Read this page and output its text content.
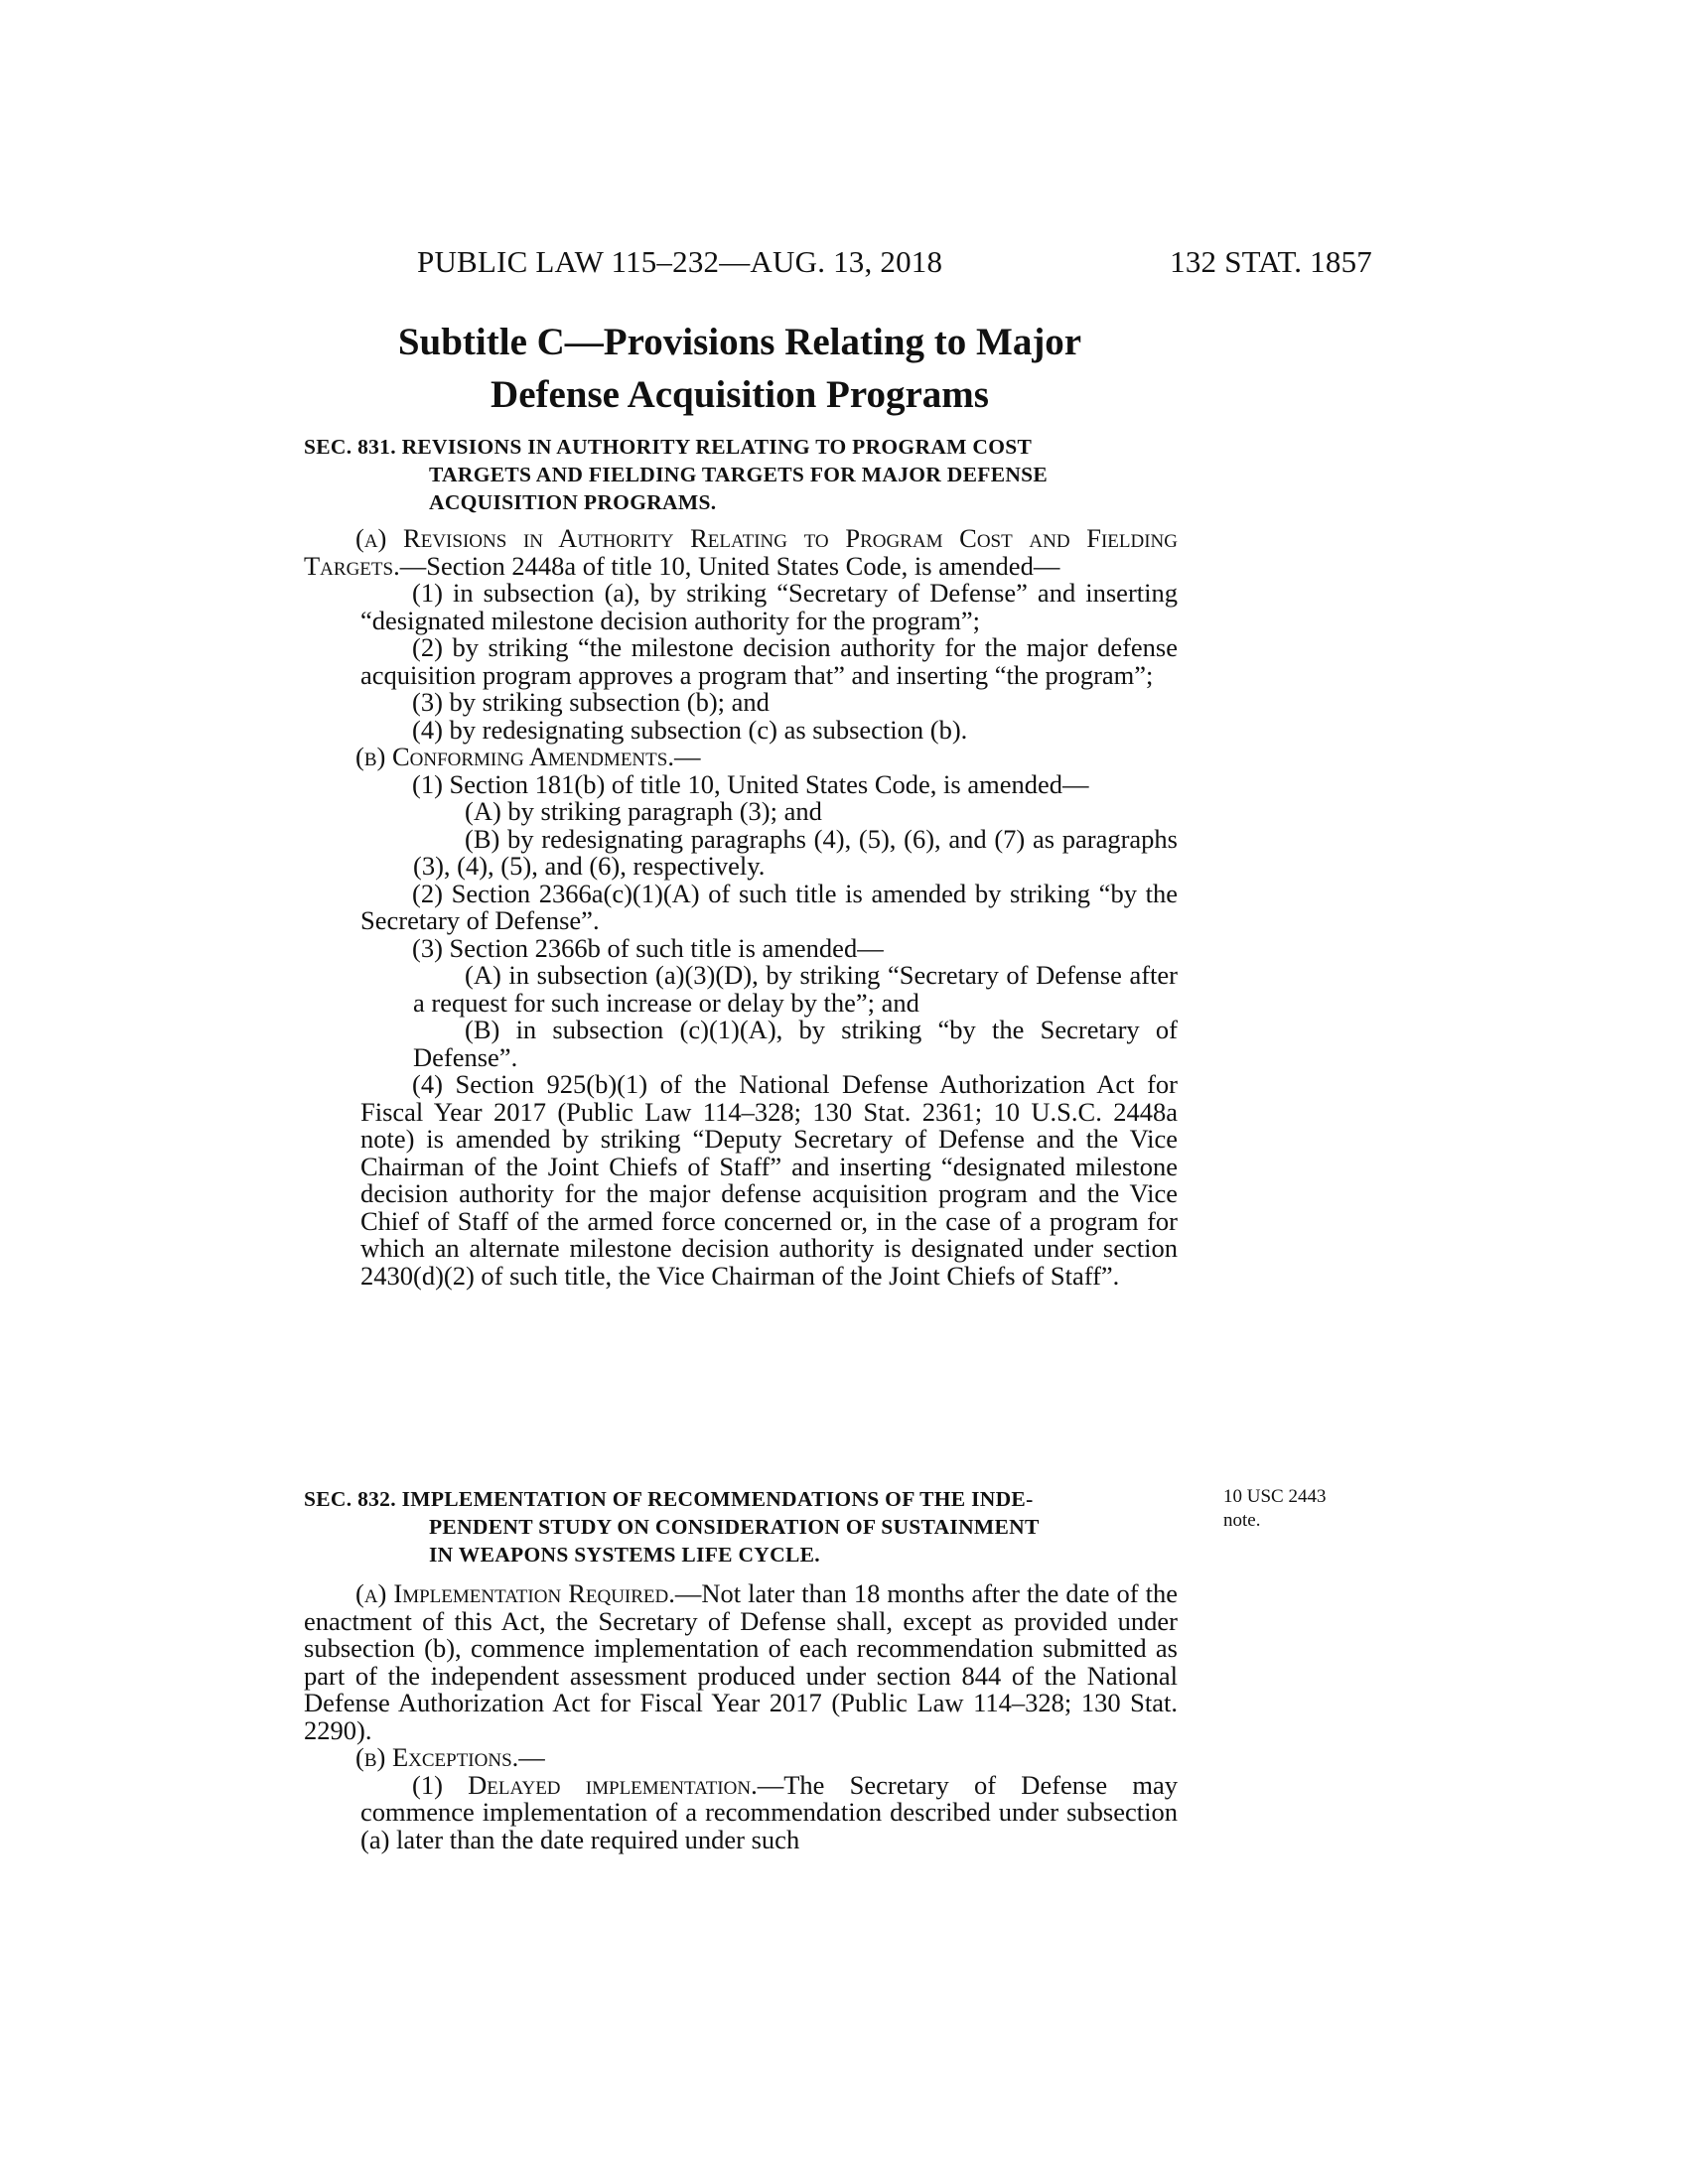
PUBLIC LAW 115–232—AUG. 13, 2018	132 STAT. 1857
Subtitle C—Provisions Relating to Major
Defense Acquisition Programs
SEC. 831. REVISIONS IN AUTHORITY RELATING TO PROGRAM COST
TARGETS AND FIELDING TARGETS FOR MAJOR DEFENSE
ACQUISITION PROGRAMS.

(a) Revisions in Authority Relating to Program Cost and Fielding Targets.—Section 2448a of title 10, United States Code, is amended—

(1) in subsection (a), by striking “Secretary of Defense” and inserting “designated milestone decision authority for the program”;

(2) by striking “the milestone decision authority for the major defense acquisition program approves a program that” and inserting “the program”;

(3) by striking subsection (b); and

(4) by redesignating subsection (c) as subsection (b).

(b) Conforming Amendments.—

(1) Section 181(b) of title 10, United States Code, is amended—

(A) by striking paragraph (3); and

(B) by redesignating paragraphs (4), (5), (6), and (7) as paragraphs (3), (4), (5), and (6), respectively.

(2) Section 2366a(c)(1)(A) of such title is amended by striking “by the Secretary of Defense”.

(3) Section 2366b of such title is amended—

(A) in subsection (a)(3)(D), by striking “Secretary of Defense after a request for such increase or delay by the”; and

(B) in subsection (c)(1)(A), by striking “by the Secretary of Defense”.

(4) Section 925(b)(1) of the National Defense Authorization Act for Fiscal Year 2017 (Public Law 114–328; 130 Stat. 2361; 10 U.S.C. 2448a note) is amended by striking “Deputy Secretary of Defense and the Vice Chairman of the Joint Chiefs of Staff” and inserting “designated milestone decision authority for the major defense acquisition program and the Vice Chief of Staff of the armed force concerned or, in the case of a program for which an alternate milestone decision authority is designated under section 2430(d)(2) of such title, the Vice Chairman of the Joint Chiefs of Staff”.

SEC. 832. IMPLEMENTATION OF RECOMMENDATIONS OF THE INDE-
PENDENT STUDY ON CONSIDERATION OF SUSTAINMENT
IN WEAPONS SYSTEMS LIFE CYCLE.
10 USC 2443
note.

(a) Implementation Required.—Not later than 18 months after the date of the enactment of this Act, the Secretary of Defense shall, except as provided under subsection (b), commence implementation of each recommendation submitted as part of the independent assessment produced under section 844 of the National Defense Authorization Act for Fiscal Year 2017 (Public Law 114–328; 130 Stat. 2290).

(b) Exceptions.—

(1) Delayed implementation.—The Secretary of Defense may commence implementation of a recommendation described under subsection (a) later than the date required under such
